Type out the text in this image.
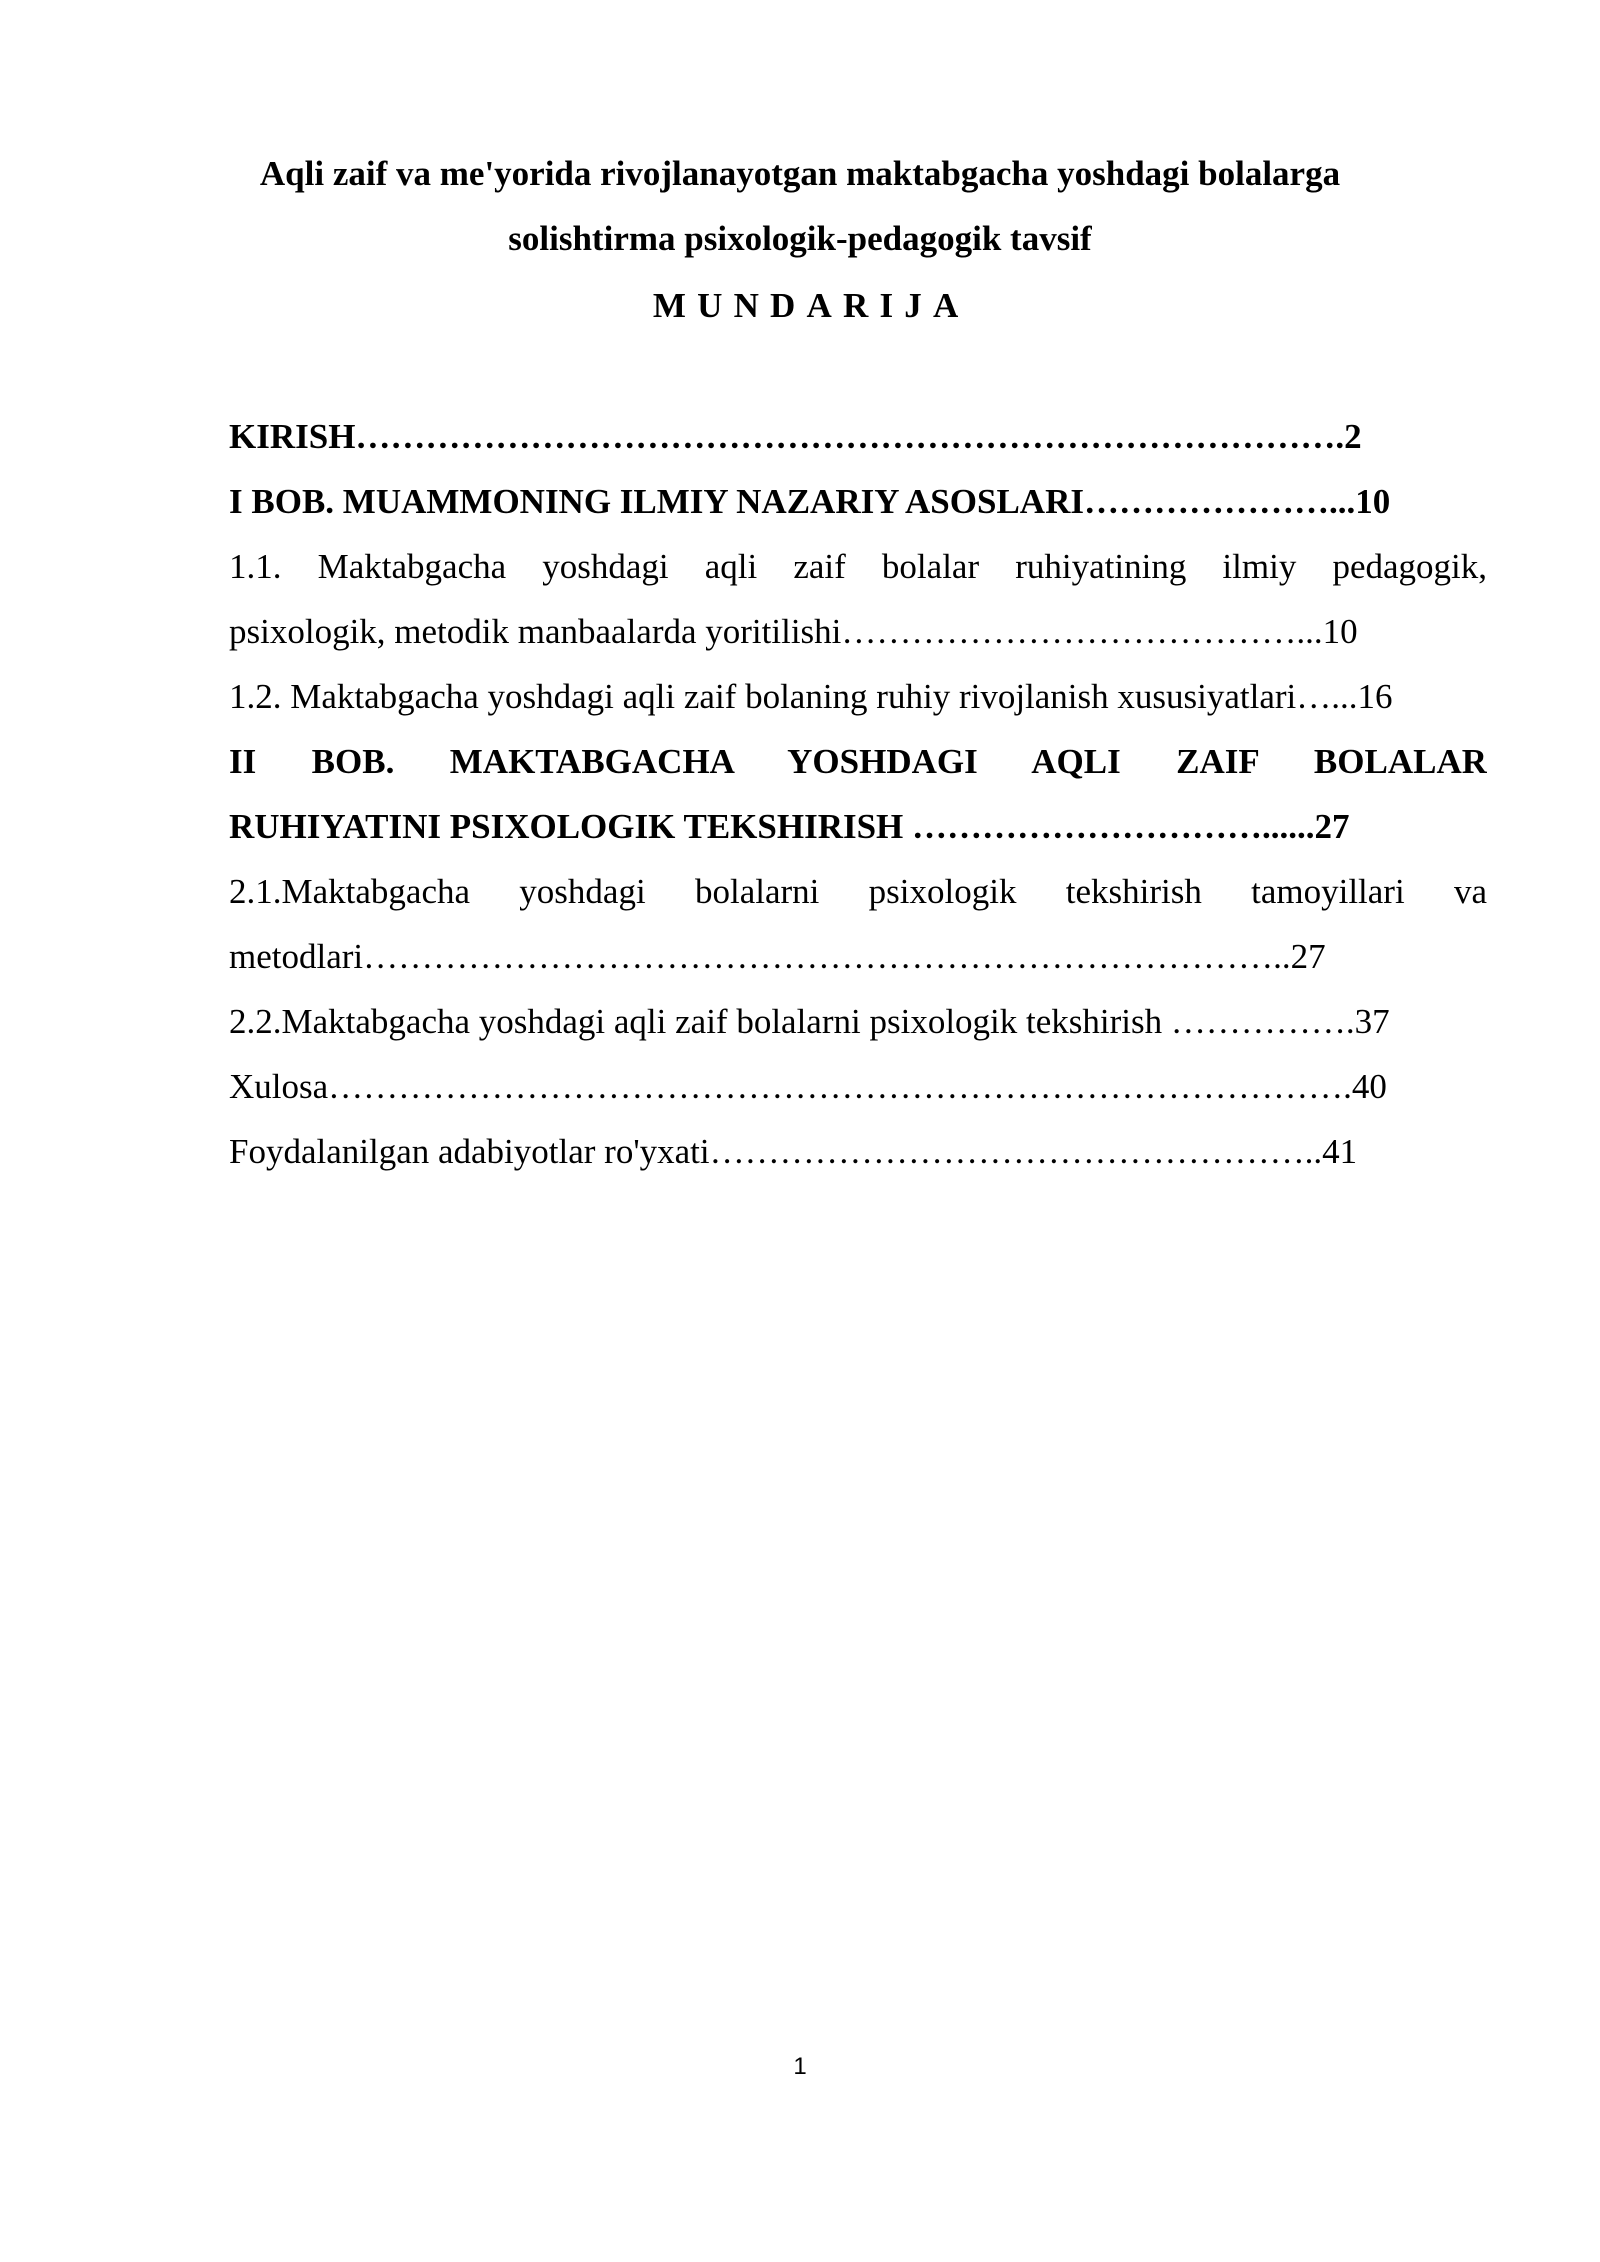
Aqli zaif va me'yorida rivojlanayotgan maktabgacha yoshdagi bolalarga
solishtirma psixologik-pedagogik tavsif
MUNDARIJA
KIRISH………………………………………………………………………….2
I BOB. MUAMMONING ILMIY NAZARIY ASOSLARI…………………...10
1.1. Maktabgacha yoshdagi aqli zaif bolalar ruhiyatining ilmiy pedagogik,
psixologik, metodik manbaalarda yoritilishi…………………………………...10
1.2. Maktabgacha yoshdagi aqli zaif bolaning ruhiy rivojlanish xususiyatlari…...16
II BOB. MAKTABGACHA YOSHDAGI AQLI ZAIF BOLALAR
RUHIYATINI PSIXOLOGIK TEKSHIRISH …………………………......27
2.1.Maktabgacha yoshdagi bolalarni psixologik tekshirish tamoyillari va
metodlari……………………………………………………………………..27
2.2.Maktabgacha yoshdagi aqli zaif bolalarni psixologik tekshirish …………….37
Xulosa…………………………………………………………………………….40
Foydalanilgan adabiyotlar ro'yxati……………………………………………..41
1
